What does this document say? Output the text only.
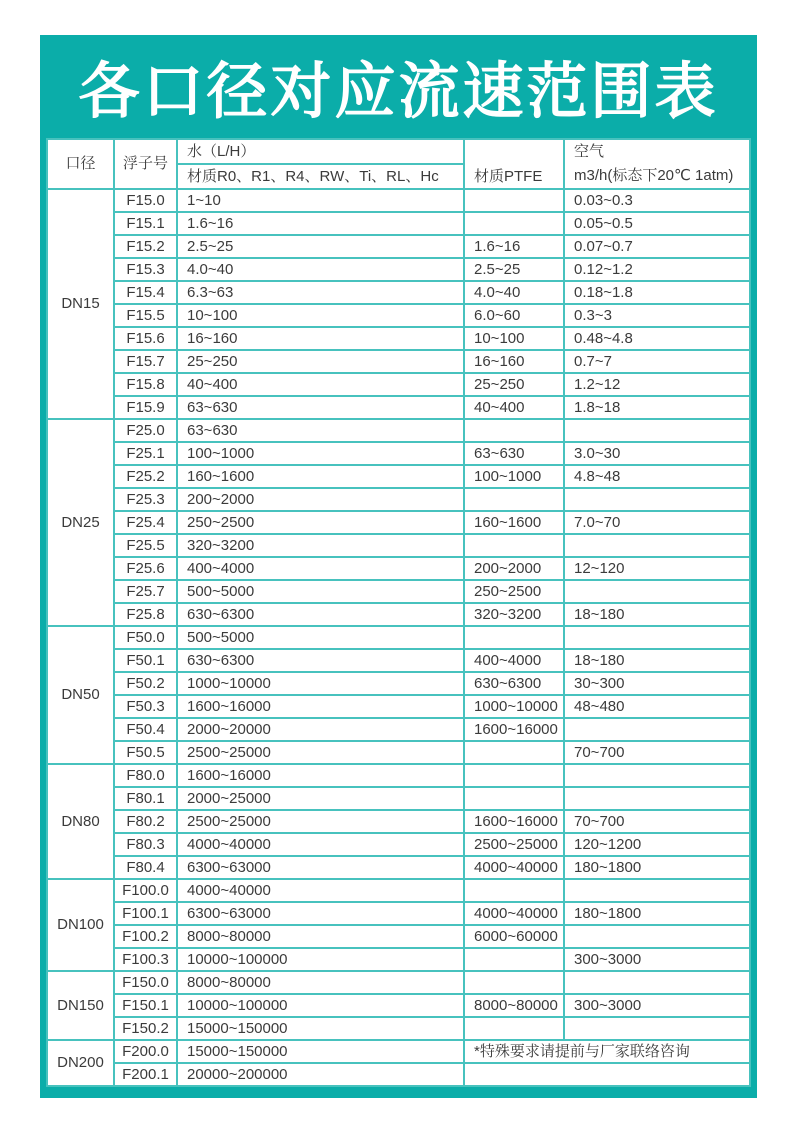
各口径对应流速范围表
口径	浮子号	水（L/H）	材质PTFE	空气
m3/h(标态下20℃ 1atm)

		材质R0、R1、R4、RW、Ti、RL、Hc		
DN15	F15.0	1~10		0.03~0.3
	F15.1	1.6~16		0.05~0.5
	F15.2	2.5~25	1.6~16	0.07~0.7
	F15.3	4.0~40	2.5~25	0.12~1.2
	F15.4	6.3~63	4.0~40	0.18~1.8
	F15.5	10~100	6.0~60	0.3~3
	F15.6	16~160	10~100	0.48~4.8
	F15.7	25~250	16~160	0.7~7
	F15.8	40~400	25~250	1.2~12
	F15.9	63~630	40~400	1.8~18
DN25	F25.0	63~630		
	F25.1	100~1000	63~630	3.0~30
	F25.2	160~1600	100~1000	4.8~48
	F25.3	200~2000		
	F25.4	250~2500	160~1600	7.0~70
	F25.5	320~3200		
	F25.6	400~4000	200~2000	12~120
	F25.7	500~5000	250~2500	
	F25.8	630~6300	320~3200	18~180
DN50	F50.0	500~5000		
	F50.1	630~6300	400~4000	18~180
	F50.2	1000~10000	630~6300	30~300
	F50.3	1600~16000	1000~10000	48~480
	F50.4	2000~20000	1600~16000	
	F50.5	2500~25000		70~700
DN80	F80.0	1600~16000		
	F80.1	2000~25000		
	F80.2	2500~25000	1600~16000	70~700
	F80.3	4000~40000	2500~25000	120~1200
	F80.4	6300~63000	4000~40000	180~1800
DN100	F100.0	4000~40000		
	F100.1	6300~63000	4000~40000	180~1800
	F100.2	8000~80000	6000~60000	
	F100.3	10000~100000		300~3000
DN150	F150.0	8000~80000		
	F150.1	10000~100000	8000~80000	300~3000
	F150.2	15000~150000		
DN200	F200.0	15000~150000	*特殊要求请提前与厂家联络咨询	
	F200.1	20000~200000		
